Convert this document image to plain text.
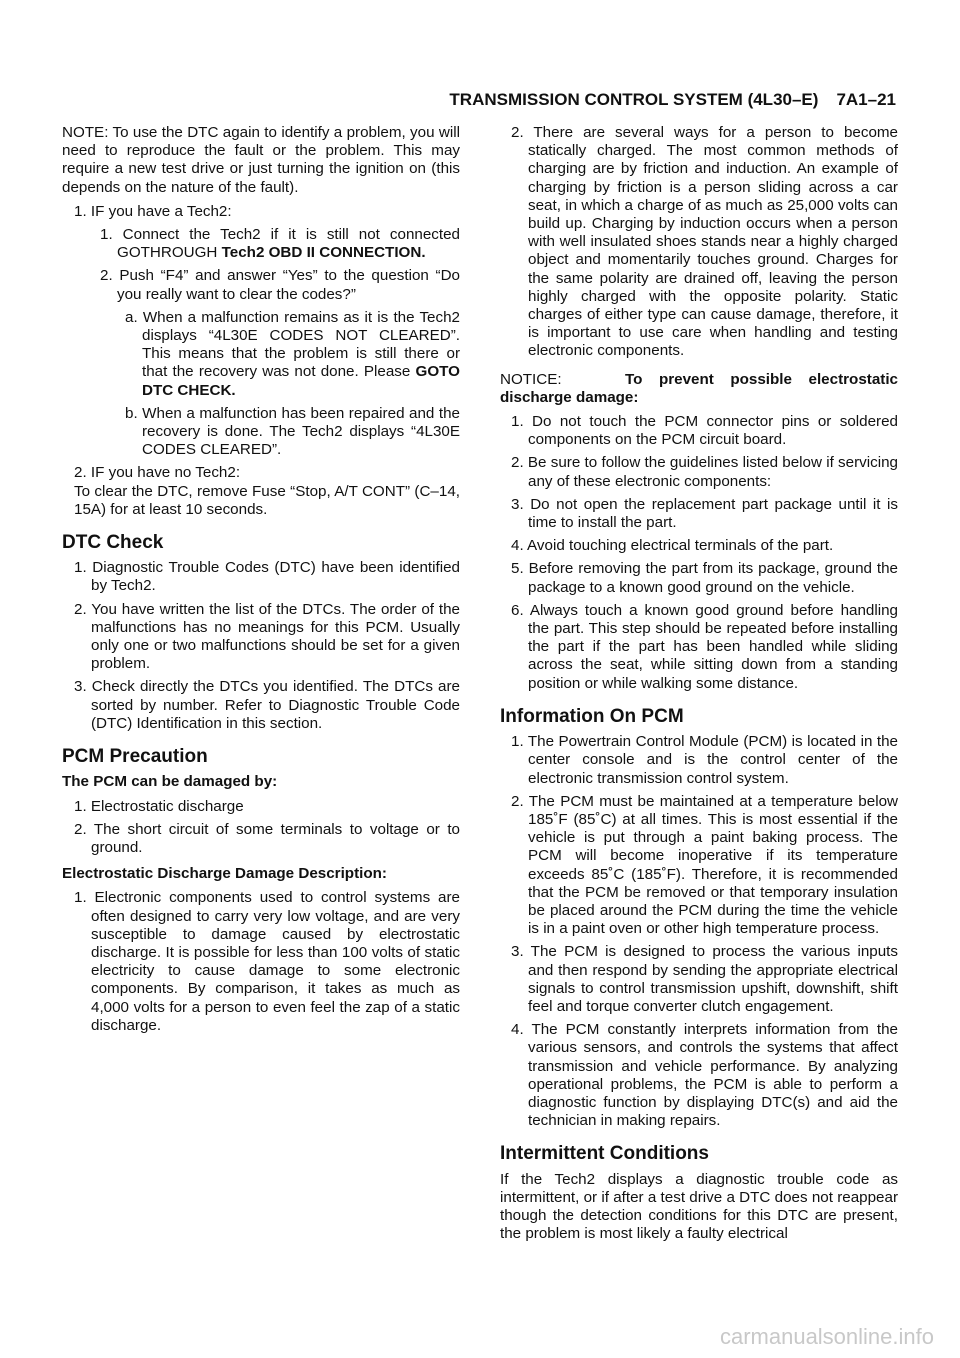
TRANSMISSION CONTROL SYSTEM (4L30–E) 7A1–21

NOTE: To use the DTC again to identify a problem, you will need to reproduce the fault or the problem. This may require a new test drive or just turning the ignition on (this depends on the nature of the fault).

1. IF you have a Tech2:
1. Connect the Tech2 if it is still not connected GOTHROUGH Tech2 OBD II CONNECTION.
2. Push “F4” and answer “Yes” to the question “Do you really want to clear the codes?”
a. When a malfunction remains as it is the Tech2 displays “4L30E CODES NOT CLEARED”. This means that the problem is still there or that the recovery was not done. Please GOTO DTC CHECK.
b. When a malfunction has been repaired and the recovery is done. The Tech2 displays “4L30E CODES CLEARED”.
2. IF you have no Tech2:
To clear the DTC, remove Fuse “Stop, A/T CONT” (C–14, 15A) for at least 10 seconds.
DTC Check
1. Diagnostic Trouble Codes (DTC) have been identified by Tech2.
2. You have written the list of the DTCs. The order of the malfunctions has no meanings for this PCM. Usually only one or two malfunctions should be set for a given problem.
3. Check directly the DTCs you identified. The DTCs are sorted by number. Refer to Diagnostic Trouble Code (DTC) Identification in this section.
PCM Precaution
The PCM can be damaged by:
1. Electrostatic discharge
2. The short circuit of some terminals to voltage or to ground.
Electrostatic Discharge Damage Description:
1. Electronic components used to control systems are often designed to carry very low voltage, and are very susceptible to damage caused by electrostatic discharge. It is possible for less than 100 volts of static electricity to cause damage to some electronic components. By comparison, it takes as much as 4,000 volts for a person to even feel the zap of a static discharge.
2. There are several ways for a person to become statically charged. The most common methods of charging are by friction and induction. An example of charging by friction is a person sliding across a car seat, in which a charge of as much as 25,000 volts can build up. Charging by induction occurs when a person with well insulated shoes stands near a highly charged object and momentarily touches ground. Charges for the same polarity are drained off, leaving the person highly charged with the opposite polarity. Static charges of either type can cause damage, therefore, it is important to use care when handling and testing electronic components.

NOTICE:	To prevent possible electrostatic discharge damage:

1. Do not touch the PCM connector pins or soldered components on the PCM circuit board.
2. Be sure to follow the guidelines listed below if servicing any of these electronic components:
3. Do not open the replacement part package until it is time to install the part.
4. Avoid touching electrical terminals of the part.
5. Before removing the part from its package, ground the package to a known good ground on the vehicle.
6. Always touch a known good ground before handling the part. This step should be repeated before installing the part if the part has been handled while sliding across the seat, while sitting down from a standing position or while walking some distance.
Information On PCM
1. The Powertrain Control Module (PCM) is located in the center console and is the control center of the electronic transmission control system.
2. The PCM must be maintained at a temperature below 185˚F (85˚C) at all times. This is most essential if the vehicle is put through a paint baking process. The PCM will become inoperative if its temperature exceeds 85˚C (185˚F). Therefore, it is recommended that the PCM be removed or that temporary insulation be placed around the PCM during the time the vehicle is in a paint oven or other high temperature process.
3. The PCM is designed to process the various inputs and then respond by sending the appropriate electrical signals to control transmission upshift, downshift, shift feel and torque converter clutch engagement.
4. The PCM constantly interprets information from the various sensors, and controls the systems that affect transmission and vehicle performance. By analyzing operational problems, the PCM is able to perform a diagnostic function by displaying DTC(s) and aid the technician in making repairs.
Intermittent Conditions

If the Tech2 displays a diagnostic trouble code as intermittent, or if after a test drive a DTC does not reappear though the detection conditions for this DTC are present, the problem is most likely a faulty electrical

carmanualsonline.info
